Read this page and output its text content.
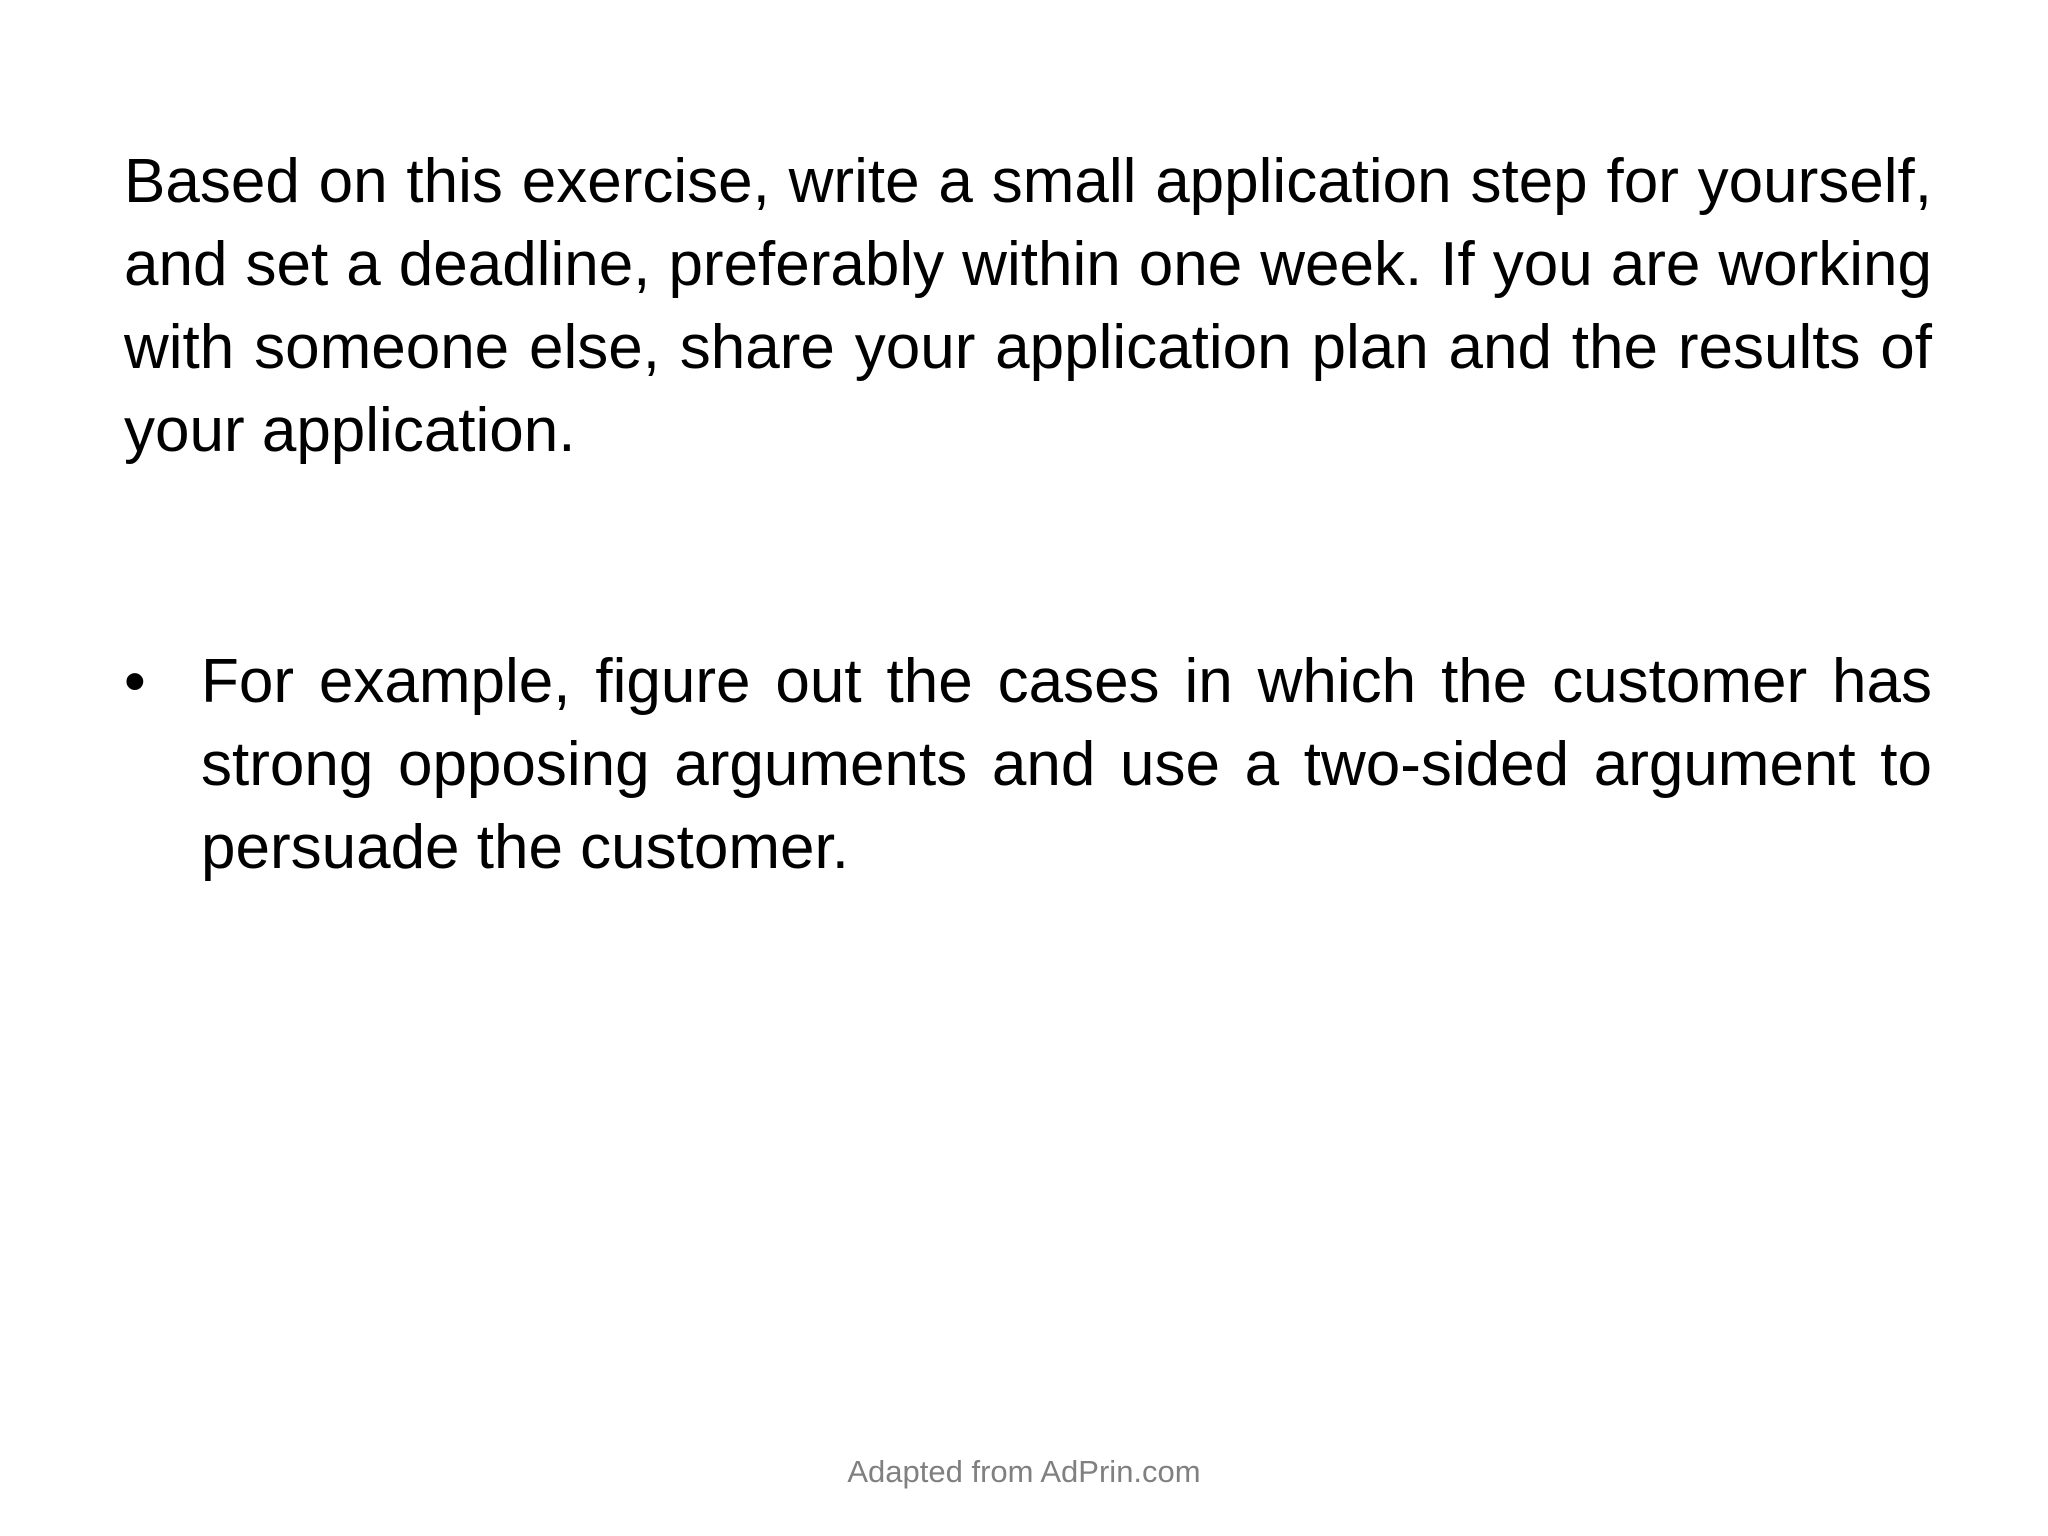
Based on this exercise, write a small application step for yourself, and set a deadline, preferably within one week. If you are working with someone else, share your application plan and the results of your application.

• For example, figure out the cases in which the customer has strong opposing arguments and use a two-sided argument to persuade the customer.
Adapted from AdPrin.com
